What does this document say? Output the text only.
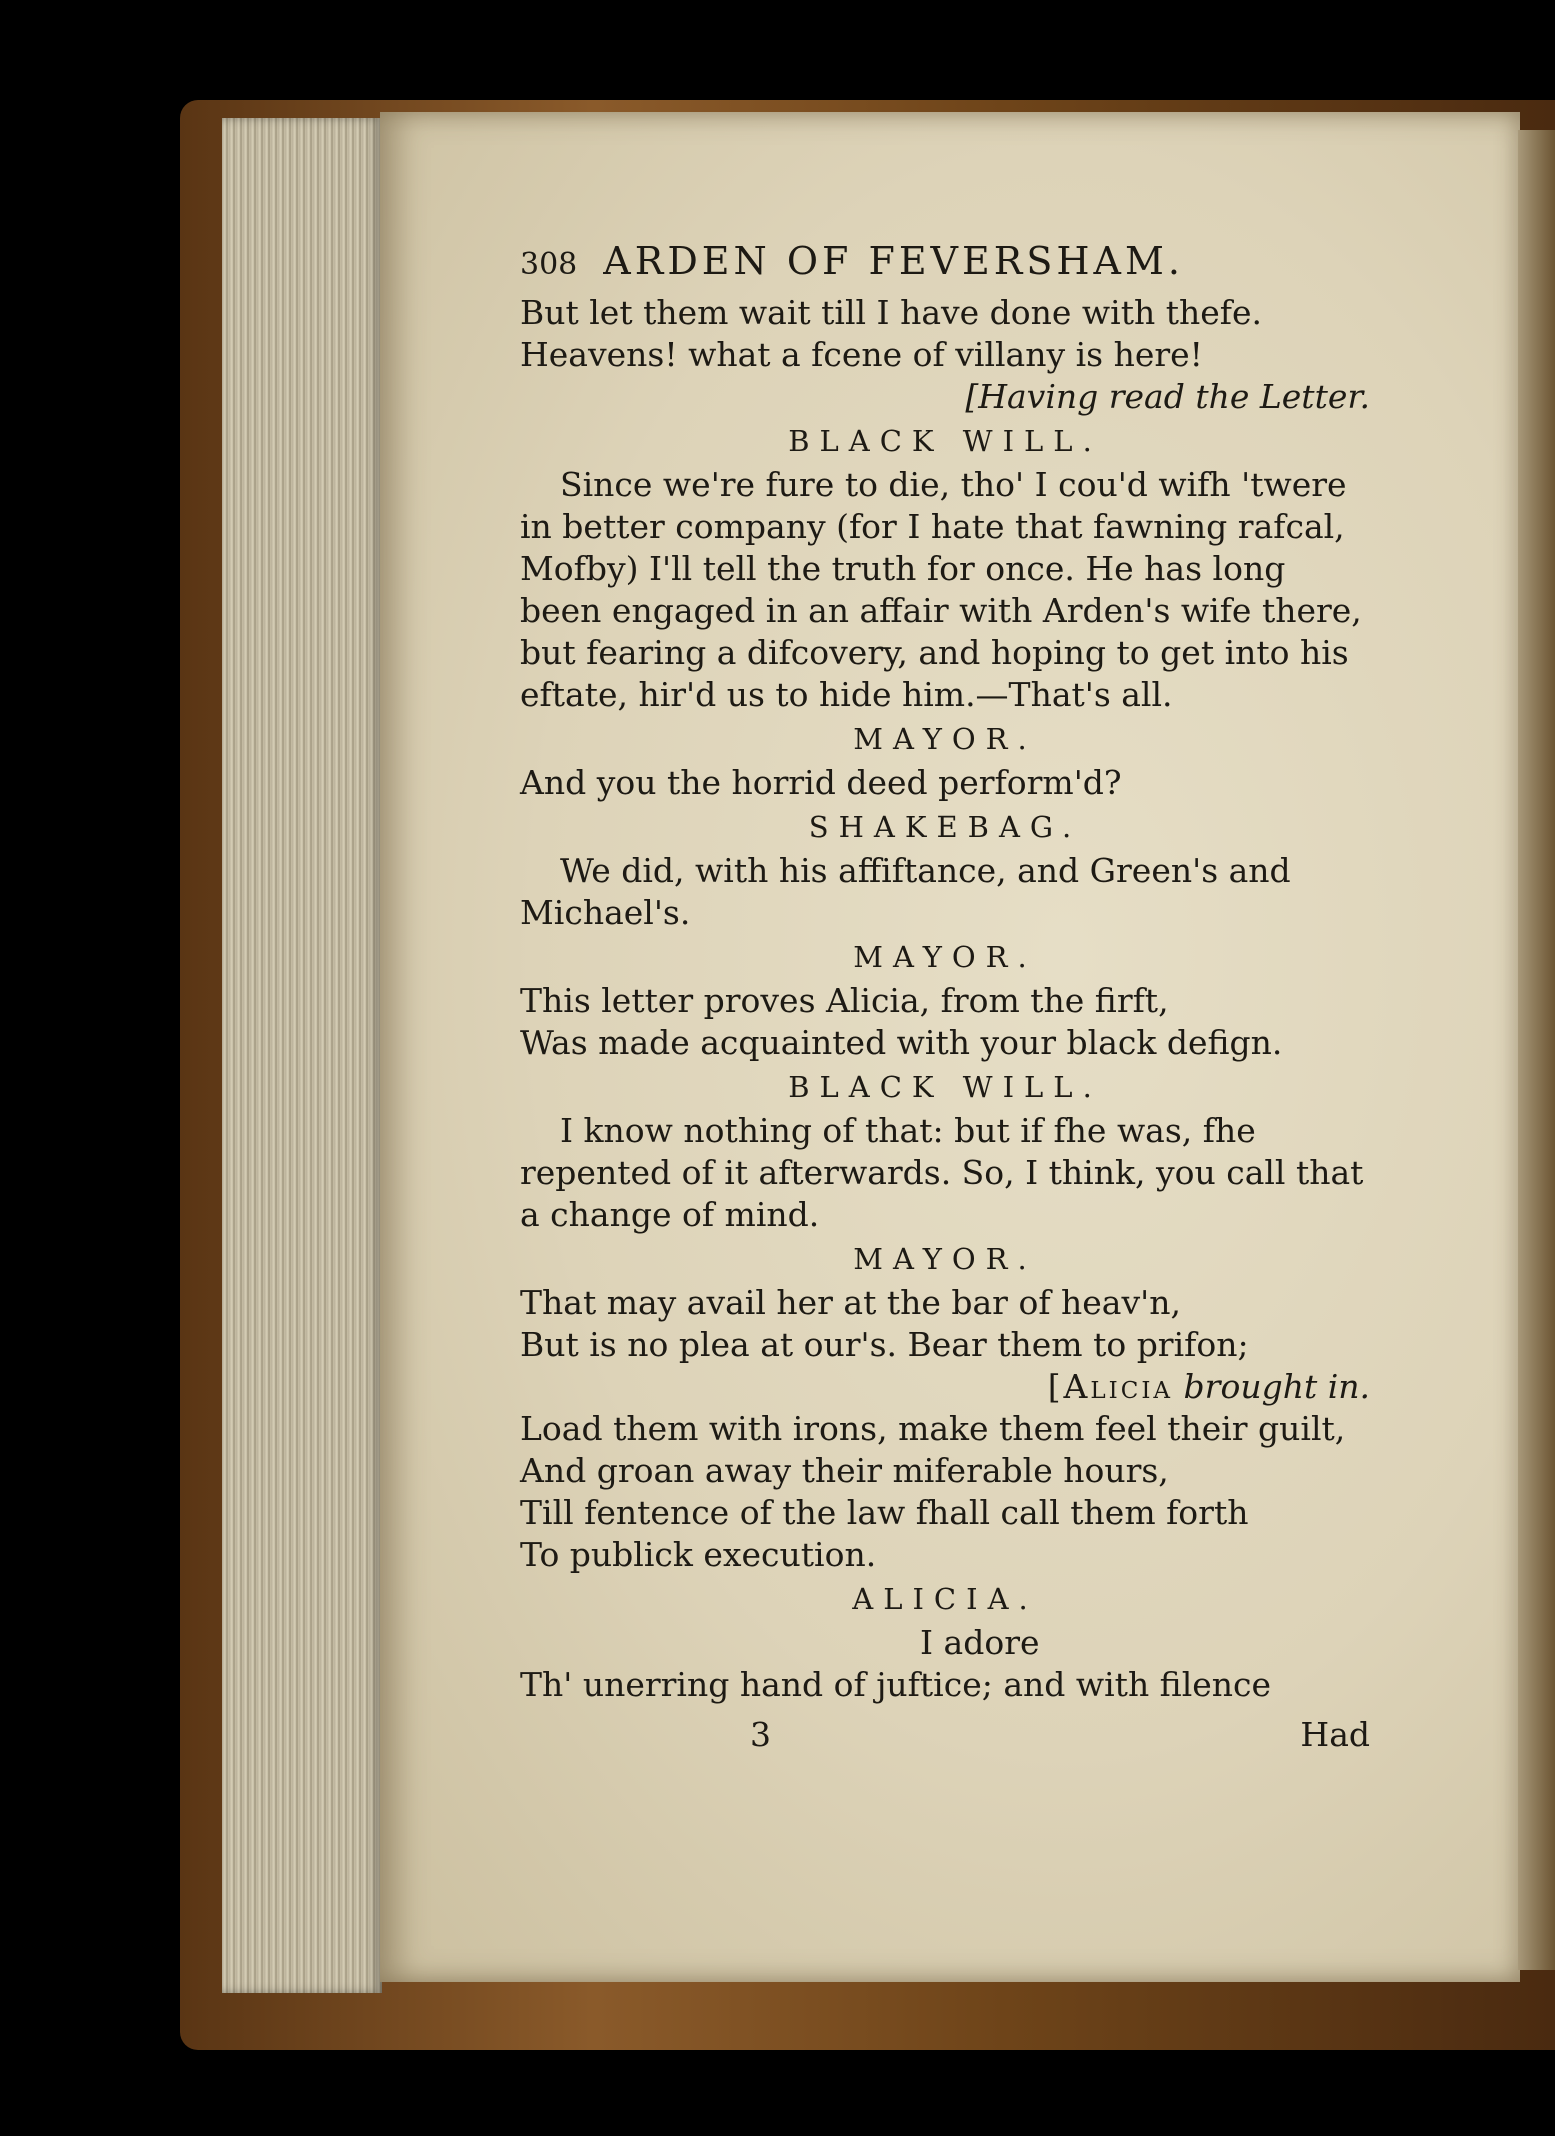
308 ARDEN OF FEVERSHAM.

But let them wait till I have done with thefe.

Heavens! what a fcene of villany is here!

[Having read the Letter.

BLACK WILL.

Since we're fure to die, tho' I cou'd wifh 'twere in better company (for I hate that fawning rafcal, Mofby) I'll tell the truth for once. He has long been engaged in an affair with Arden's wife there, but fearing a difcovery, and hoping to get into his eftate, hir'd us to hide him.—That's all.

MAYOR.

And you the horrid deed perform'd?

SHAKEBAG.

We did, with his affiftance, and Green's and Michael's.

MAYOR.

This letter proves Alicia, from the firft,

Was made acquainted with your black defign.

BLACK WILL.

I know nothing of that: but if fhe was, fhe repented of it afterwards. So, I think, you call that a change of mind.

MAYOR.

That may avail her at the bar of heav'n,

But is no plea at our's. Bear them to prifon;

[Alicia brought in.

Load them with irons, make them feel their guilt,

And groan away their miferable hours,

Till fentence of the law fhall call them forth

To publick execution.

ALICIA.

I adore

Th' unerring hand of juftice; and with filence

3	Had
